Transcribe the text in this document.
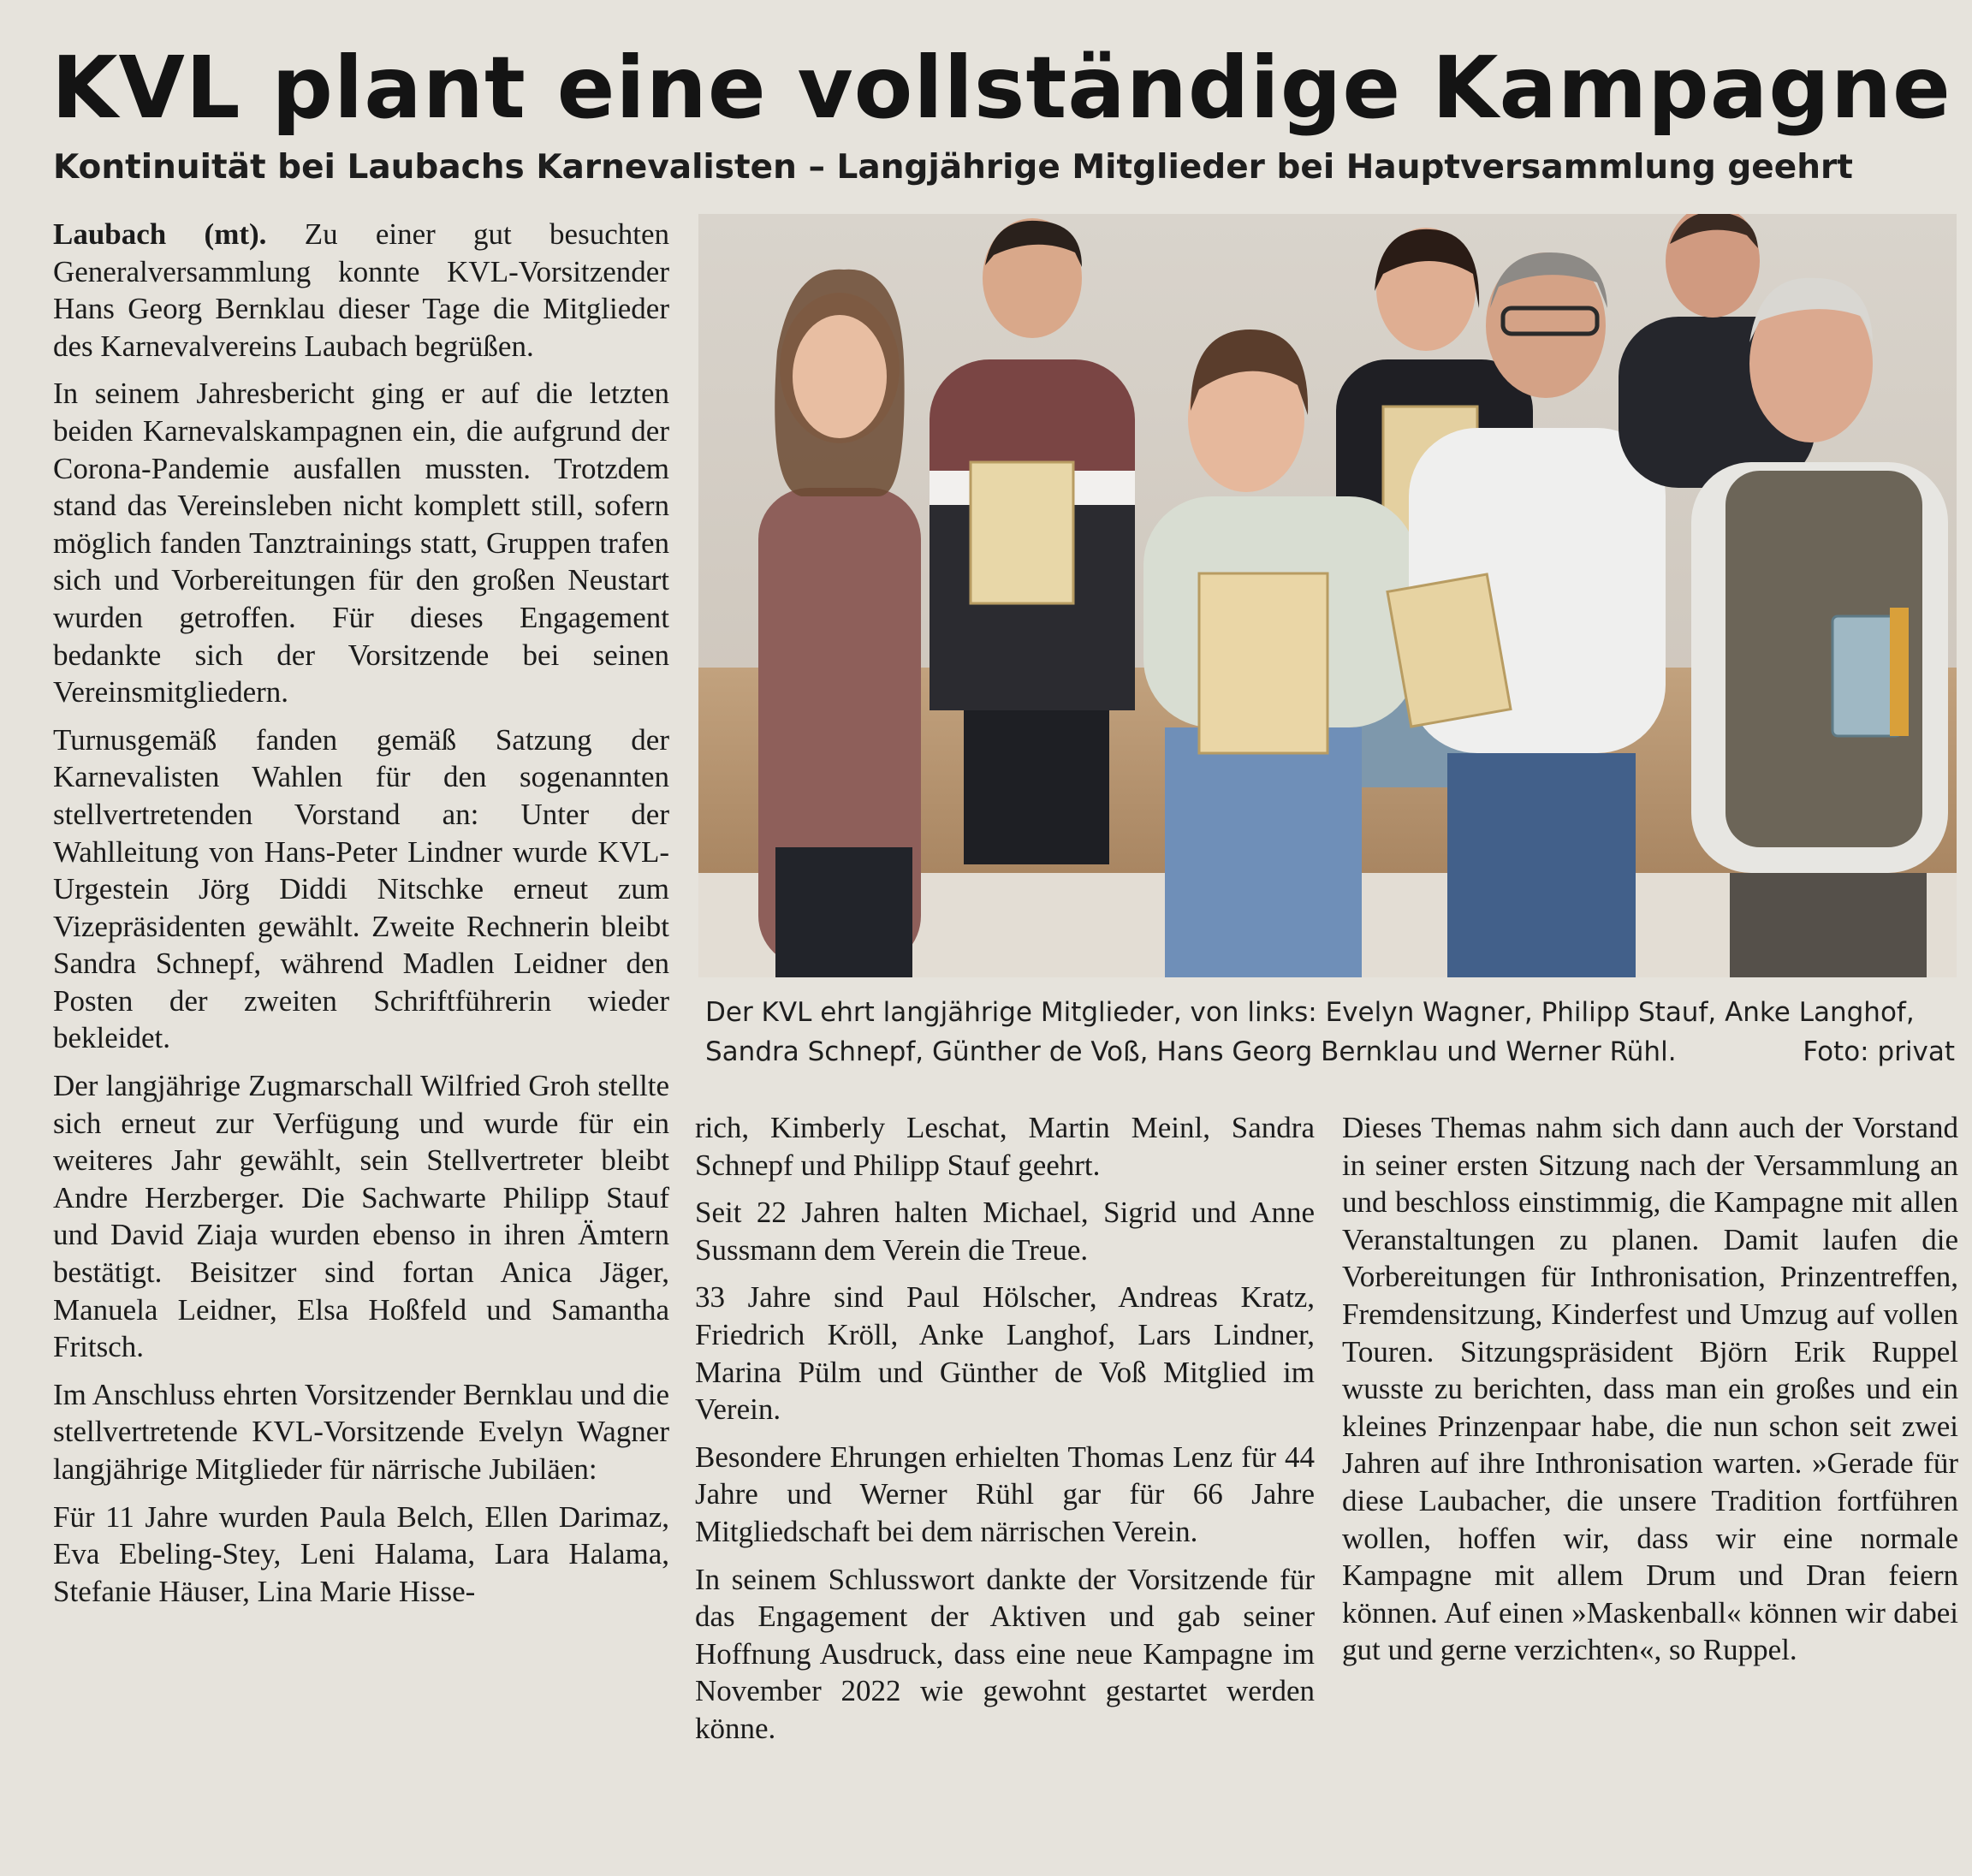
KVL plant eine vollständige Kampagne
Kontinuität bei Laubachs Karnevalisten – Langjährige Mitglieder bei Hauptversammlung geehrt

Laubach (mt). Zu einer gut besuchten Generalversammlung konnte KVL-Vorsitzender Hans Georg Bernklau dieser Tage die Mitglieder des Karnevalvereins Laubach begrüßen.

In seinem Jahresbericht ging er auf die letzten beiden Karnevalskampagnen ein, die aufgrund der Corona-Pandemie ausfallen mussten. Trotzdem stand das Vereinsleben nicht komplett still, sofern möglich fanden Tanztrainings statt, Gruppen trafen sich und Vorbereitungen für den großen Neustart wurden getroffen. Für dieses Engagement bedankte sich der Vorsitzende bei seinen Vereinsmitgliedern.

Turnusgemäß fanden gemäß Satzung der Karnevalisten Wahlen für den sogenannten stellvertretenden Vorstand an: Unter der Wahlleitung von Hans-Peter Lindner wurde KVL-Urgestein Jörg Diddi Nitschke erneut zum Vizepräsidenten gewählt. Zweite Rechnerin bleibt Sandra Schnepf, während Madlen Leidner den Posten der zweiten Schriftführerin wieder bekleidet.

Der langjährige Zugmarschall Wilfried Groh stellte sich erneut zur Verfügung und wurde für ein weiteres Jahr gewählt, sein Stellvertreter bleibt Andre Herzberger. Die Sachwarte Philipp Stauf und David Ziaja wurden ebenso in ihren Ämtern bestätigt. Beisitzer sind fortan Anica Jäger, Manuela Leidner, Elsa Hoßfeld und Samantha Fritsch.

Im Anschluss ehrten Vorsitzender Bernklau und die stellvertretende KVL-Vorsitzende Evelyn Wagner langjährige Mitglieder für närrische Jubiläen:

Für 11 Jahre wurden Paula Belch, Ellen Darimaz, Eva Ebeling-Stey, Leni Halama, Lara Halama, Stefanie Häuser, Lina Marie Hisse-

Der KVL ehrt langjährige Mitglieder, von links: Evelyn Wagner, Philipp Stauf, Anke Langhof, Sandra Schnepf, Günther de Voß, Hans Georg Bernklau und Werner Rühl.	Foto: privat

rich, Kimberly Leschat, Martin Meinl, Sandra Schnepf und Philipp Stauf geehrt.

Seit 22 Jahren halten Michael, Sigrid und Anne Sussmann dem Verein die Treue.

33 Jahre sind Paul Hölscher, Andreas Kratz, Friedrich Kröll, Anke Langhof, Lars Lindner, Marina Pülm und Günther de Voß Mitglied im Verein.

Besondere Ehrungen erhielten Thomas Lenz für 44 Jahre und Werner Rühl gar für 66 Jahre Mitgliedschaft bei dem närrischen Verein.

In seinem Schlusswort dankte der Vorsitzende für das Engagement der Aktiven und gab seiner Hoffnung Ausdruck, dass eine neue Kampagne im November 2022 wie gewohnt gestartet werden könne.

Dieses Themas nahm sich dann auch der Vorstand in seiner ersten Sitzung nach der Versammlung an und beschloss einstimmig, die Kampagne mit allen Veranstaltungen zu planen. Damit laufen die Vorbereitungen für Inthronisation, Prinzentreffen, Fremdensitzung, Kinderfest und Umzug auf vollen Touren. Sitzungspräsident Björn Erik Ruppel wusste zu berichten, dass man ein großes und ein kleines Prinzenpaar habe, die nun schon seit zwei Jahren auf ihre Inthronisation warten. »Gerade für diese Laubacher, die unsere Tradition fortführen wollen, hoffen wir, dass wir eine normale Kampagne mit allem Drum und Dran feiern können. Auf einen »Maskenball« können wir dabei gut und gerne verzichten«, so Ruppel.
